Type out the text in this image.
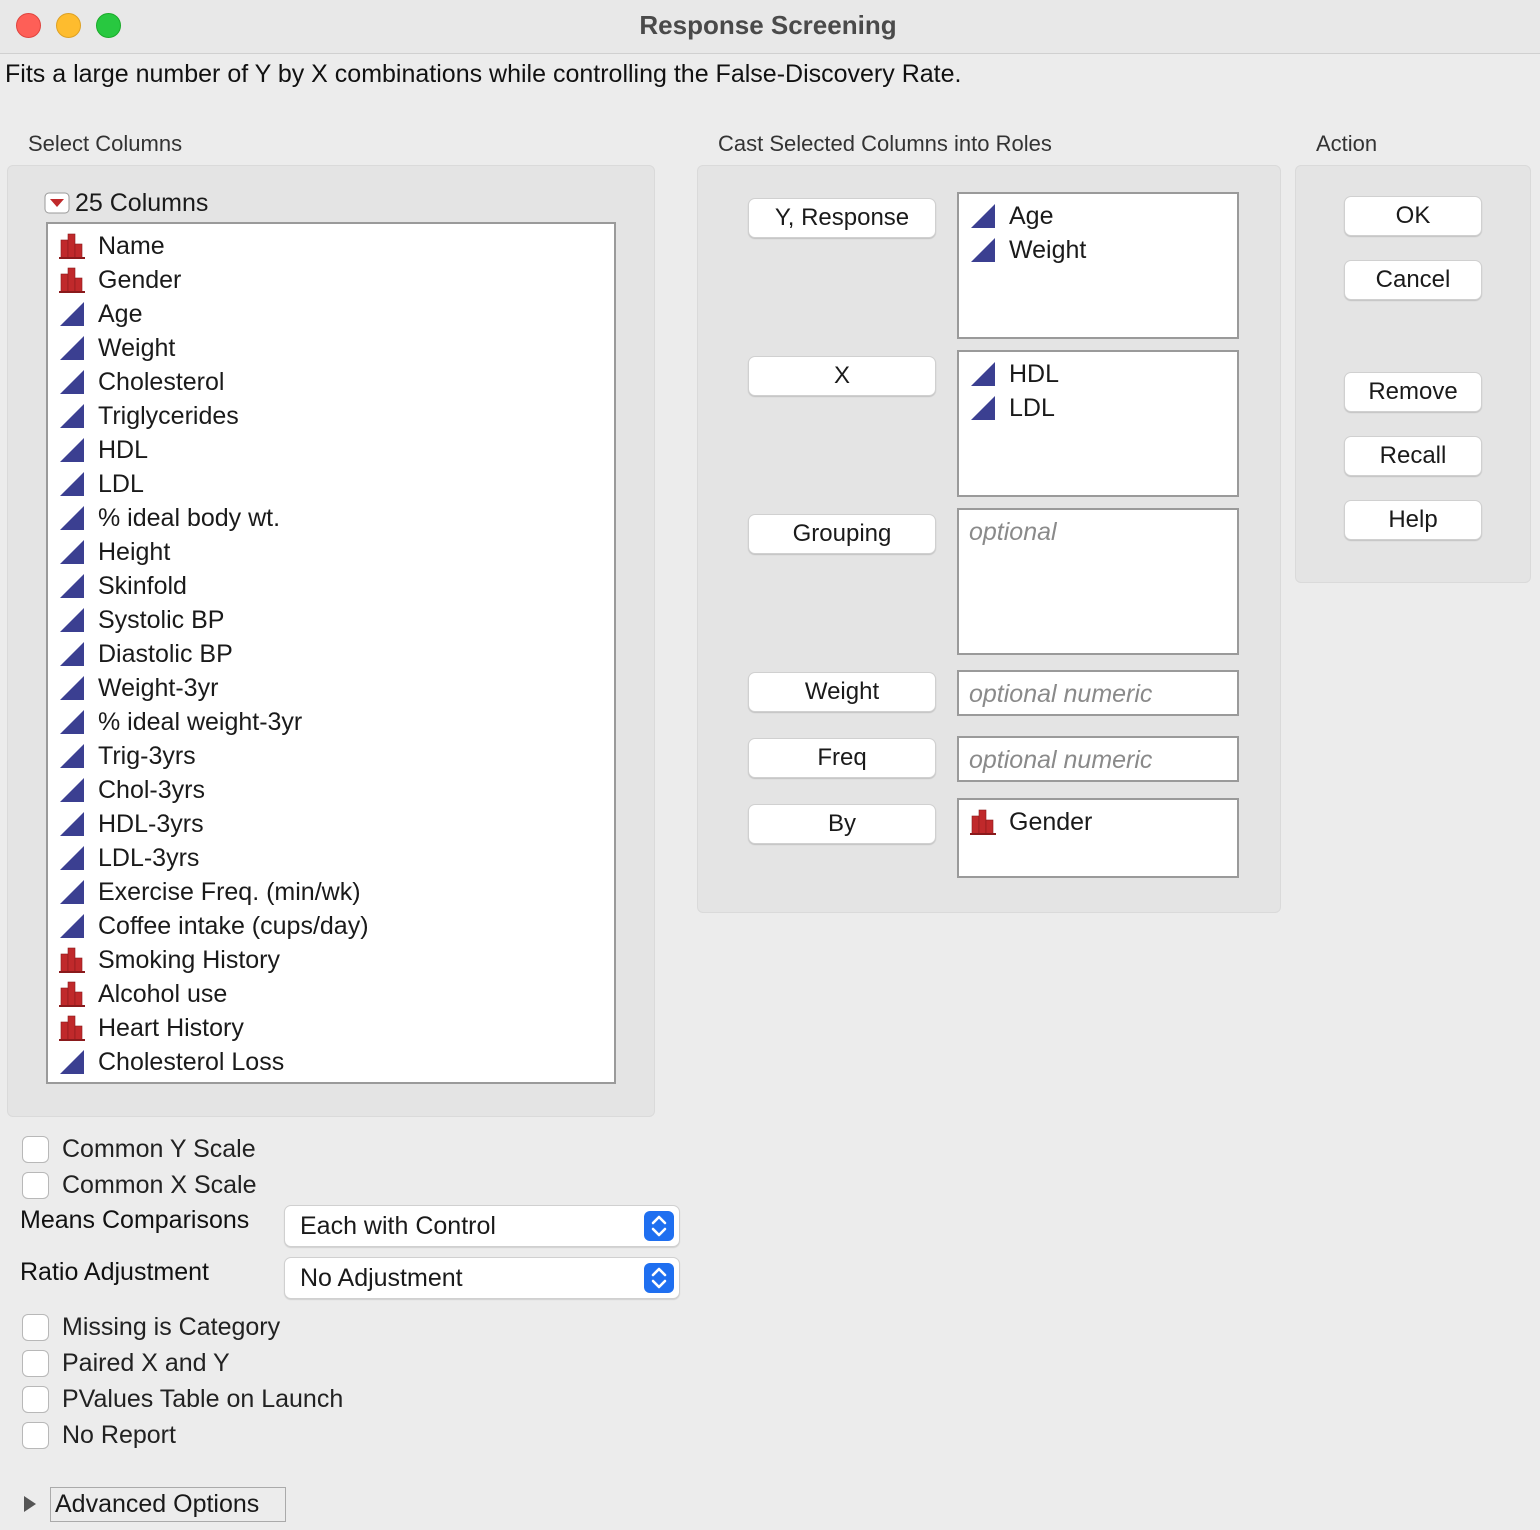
Response Screening
Fits a large number of Y by X combinations while controlling the False-Discovery Rate.
Select Columns	Cast Selected Columns into Roles	Action
25 Columns
Name
Gender
Age
Weight
Cholesterol
Triglycerides
HDL
LDL
% ideal body wt.
Height
Skinfold
Systolic BP
Diastolic BP
Weight-3yr
% ideal weight-3yr
Trig-3yrs
Chol-3yrs
HDL-3yrs
LDL-3yrs
Exercise Freq. (min/wk)
Coffee intake (cups/day)
Smoking History
Alcohol use
Heart History
Cholesterol Loss
Y, Response	Age
Weight
X	HDL
LDL
Grouping	optional
Weight	optional numeric
Freq	optional numeric
By	Gender
OK
Cancel
Remove
Recall
Help
Common Y Scale
Common X Scale
Means Comparisons Each with Control
Ratio Adjustment	No Adjustment
Missing is Category
Paired X and Y
PValues Table on Launch
No Report
Advanced Options
